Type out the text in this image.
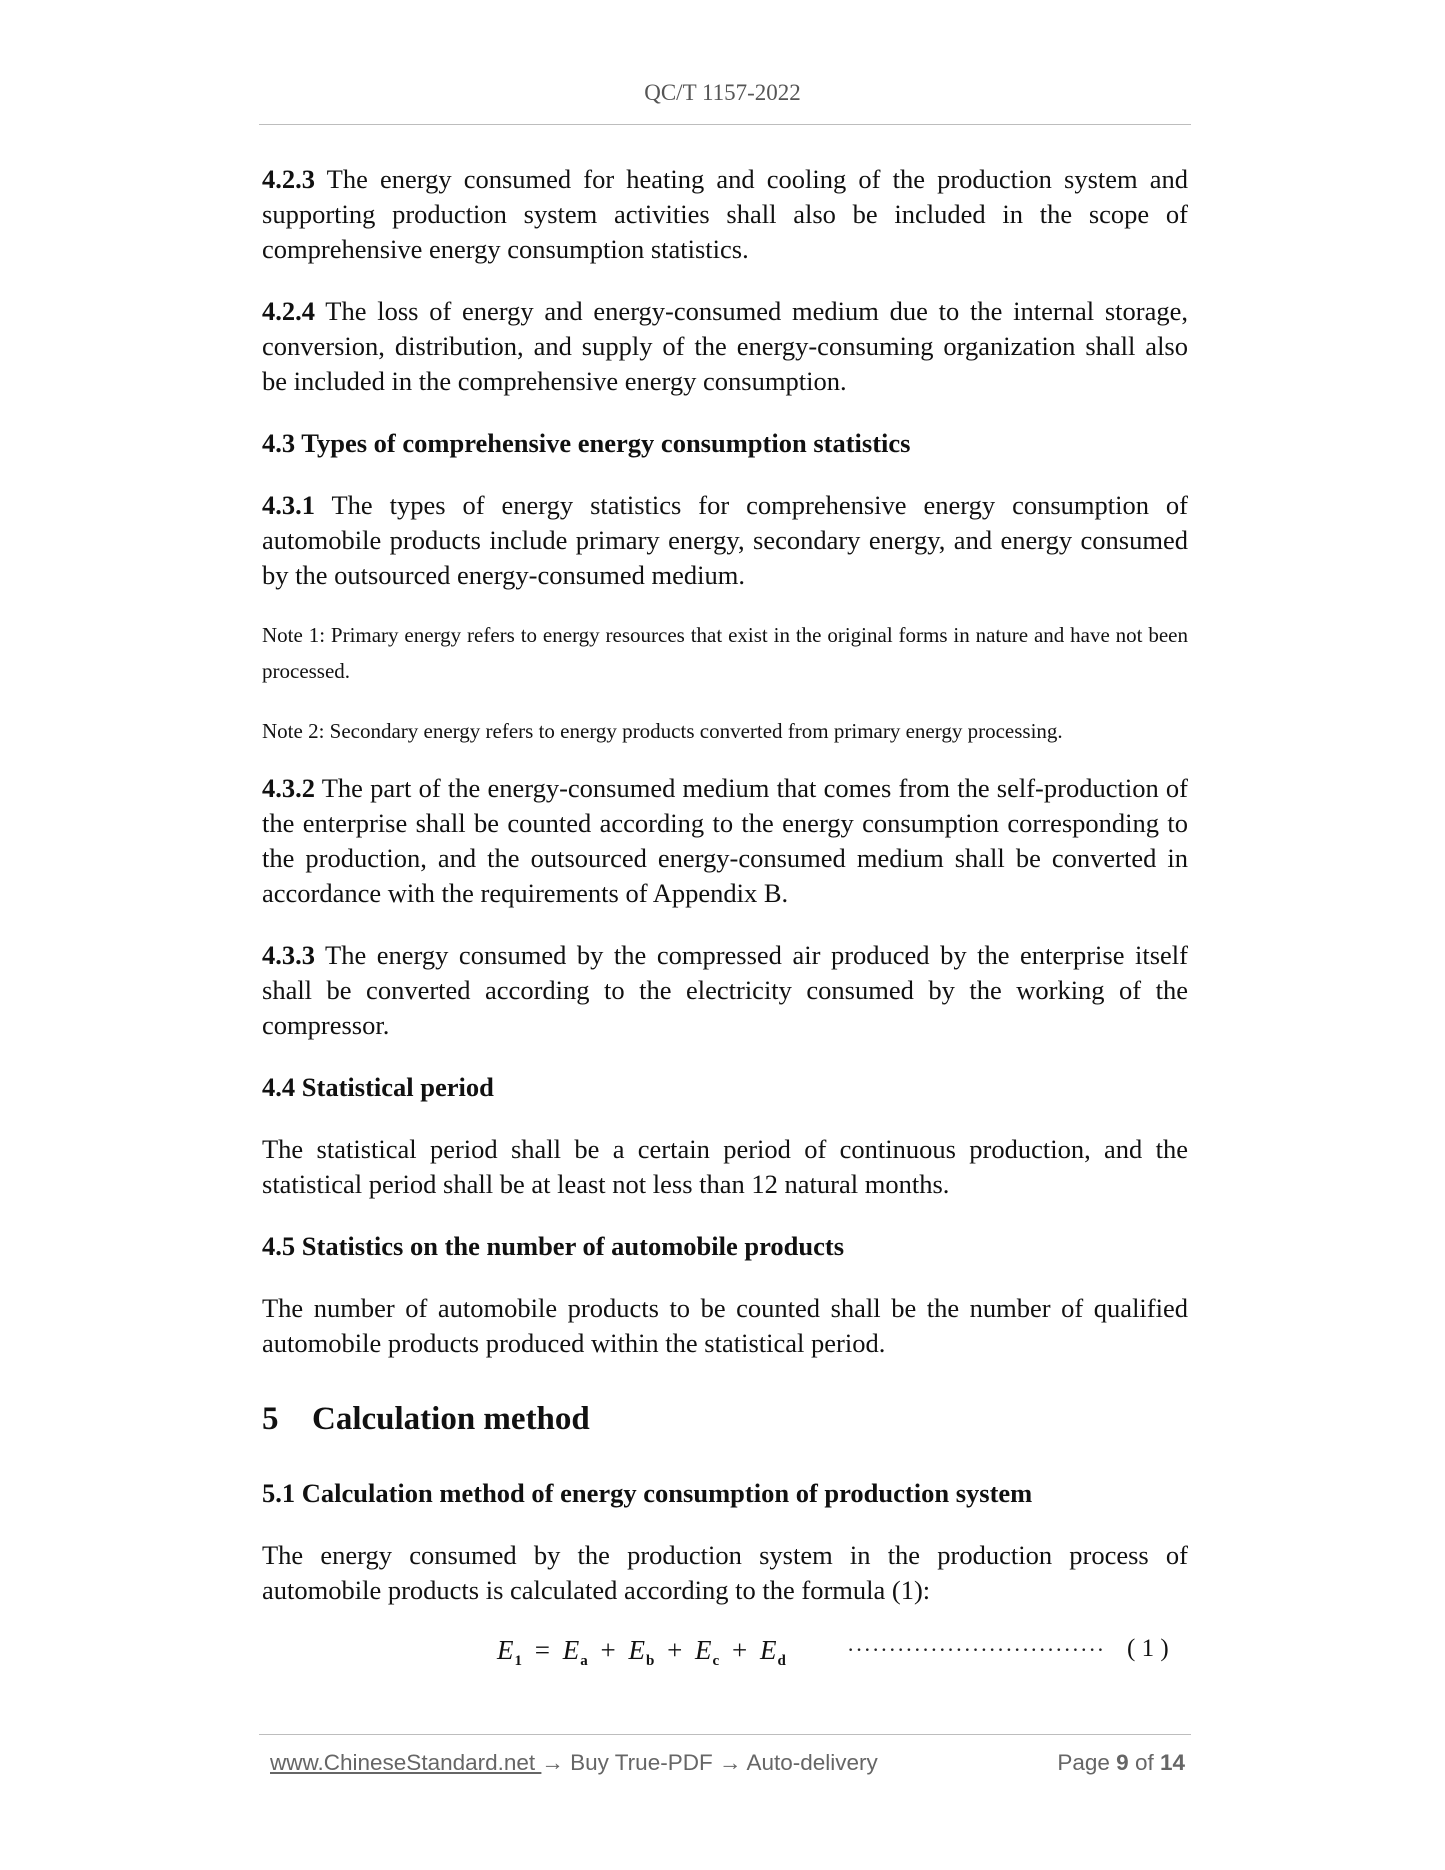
QC/T 1157-2022

4.2.3 The energy consumed for heating and cooling of the production system and supporting production system activities shall also be included in the scope of comprehensive energy consumption statistics.

4.2.4 The loss of energy and energy-consumed medium due to the internal storage, conversion, distribution, and supply of the energy-consuming organization shall also be included in the comprehensive energy consumption.

4.3 Types of comprehensive energy consumption statistics

4.3.1 The types of energy statistics for comprehensive energy consumption of automobile products include primary energy, secondary energy, and energy consumed by the outsourced energy-consumed medium.

Note 1: Primary energy refers to energy resources that exist in the original forms in nature and have not been processed.

Note 2: Secondary energy refers to energy products converted from primary energy processing.

4.3.2 The part of the energy-consumed medium that comes from the self-production of the enterprise shall be counted according to the energy consumption corresponding to the production, and the outsourced energy-consumed medium shall be converted in accordance with the requirements of Appendix B.

4.3.3 The energy consumed by the compressed air produced by the enterprise itself shall be converted according to the electricity consumed by the working of the compressor.

4.4 Statistical period

The statistical period shall be a certain period of continuous production, and the statistical period shall be at least not less than 12 natural months.

4.5 Statistics on the number of automobile products

The number of automobile products to be counted shall be the number of qualified automobile products produced within the statistical period.

5 Calculation method

5.1 Calculation method of energy consumption of production system

The energy consumed by the production system in the production process of automobile products is calculated according to the formula (1):

$E_1 = E_a + E_b + E_c + E_d$	······························· ( 1 )
www.ChineseStandard.net → Buy True-PDF → Auto-delivery	Page 9 of 14
